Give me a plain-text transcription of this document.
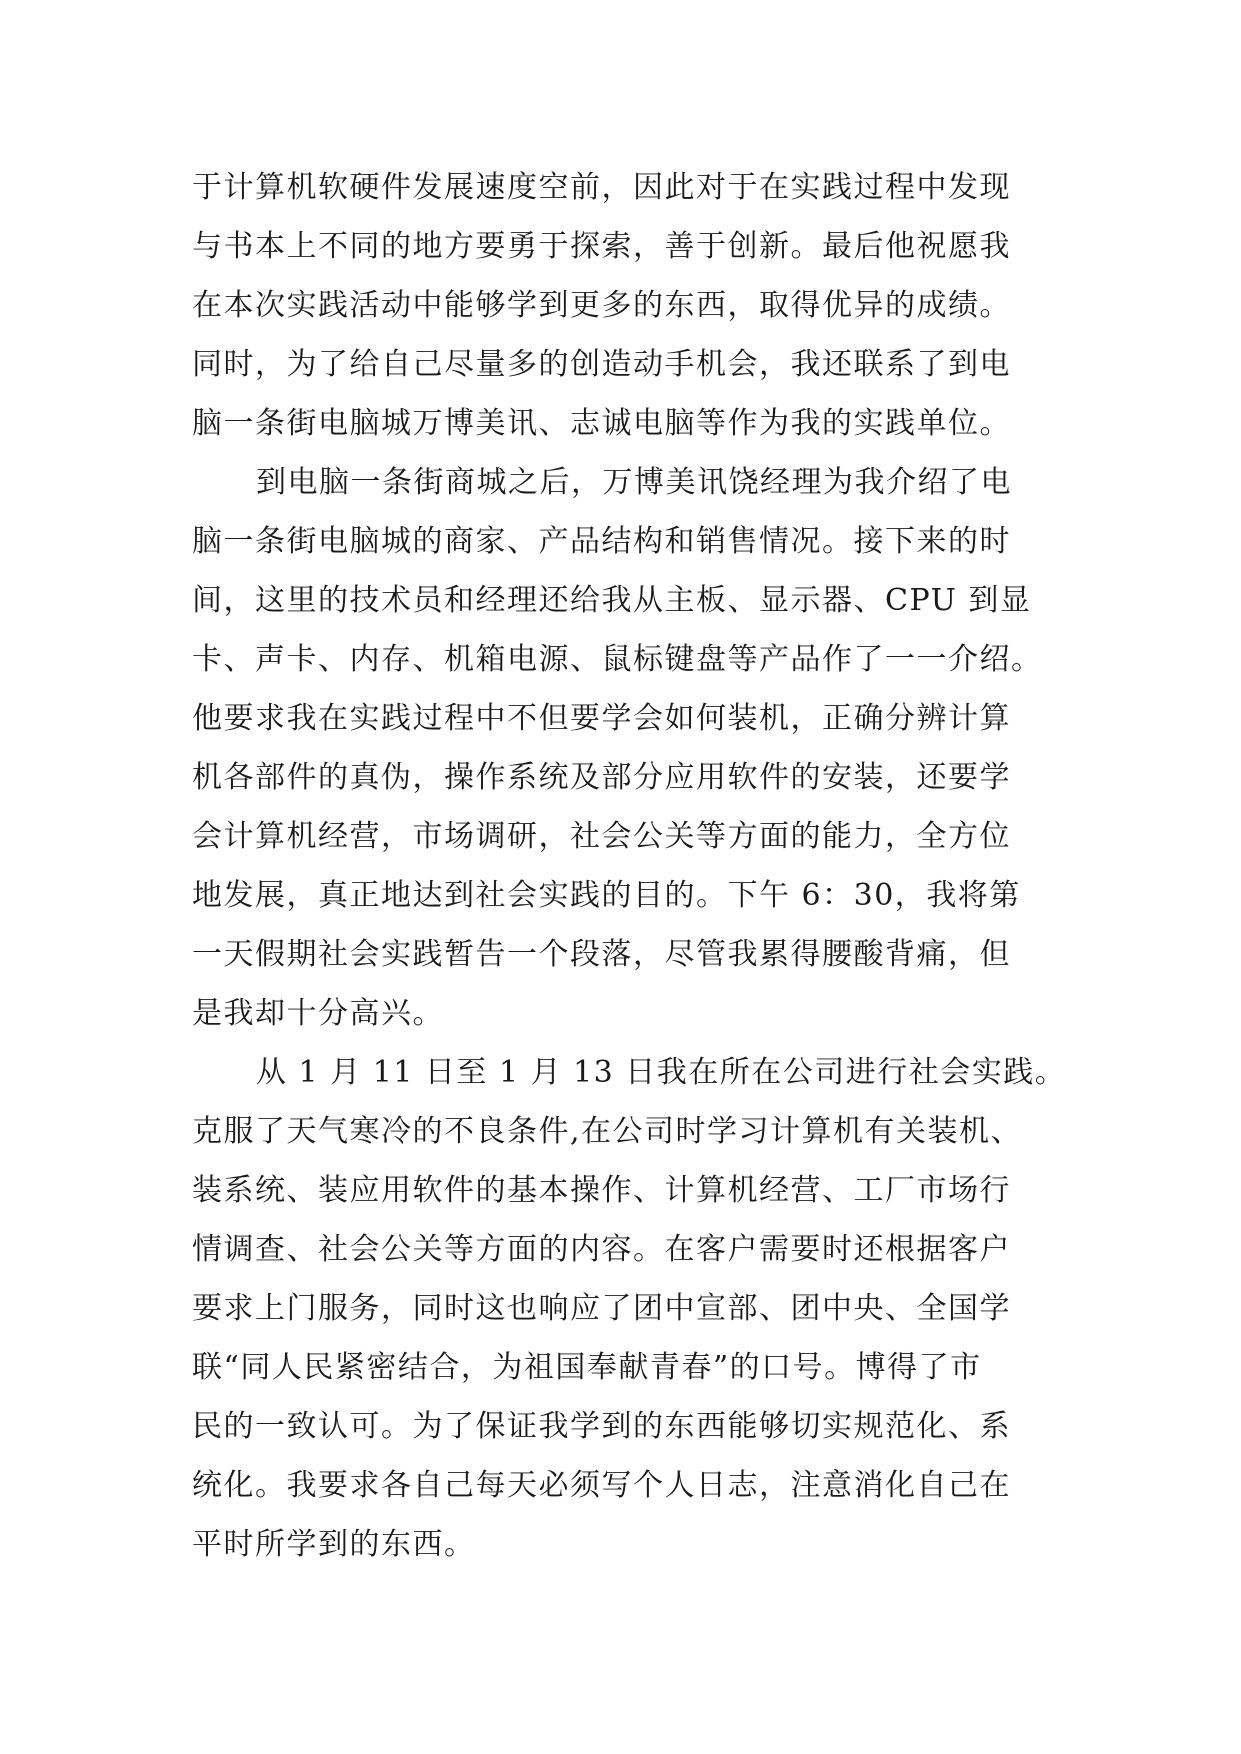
于计算机软硬件发展速度空前，因此对于在实践过程中发现
与书本上不同的地方要勇于探索，善于创新。最后他祝愿我
在本次实践活动中能够学到更多的东西，取得优异的成绩。
同时，为了给自己尽量多的创造动手机会，我还联系了到电
脑一条街电脑城万博美讯、志诚电脑等作为我的实践单位。
到电脑一条街商城之后，万博美讯饶经理为我介绍了电
脑一条街电脑城的商家、产品结构和销售情况。接下来的时
间，这里的技术员和经理还给我从主板、显示器、CPU 到显
卡、声卡、内存、机箱电源、鼠标键盘等产品作了一一介绍。
他要求我在实践过程中不但要学会如何装机，正确分辨计算
机各部件的真伪，操作系统及部分应用软件的安装，还要学
会计算机经营，市场调研，社会公关等方面的能力，全方位
地发展，真正地达到社会实践的目的。下午 6：30，我将第
一天假期社会实践暂告一个段落，尽管我累得腰酸背痛，但
是我却十分高兴。
从 1 月 11 日至 1 月 13 日我在所在公司进行社会实践。
克服了天气寒冷的不良条件,在公司时学习计算机有关装机、
装系统、装应用软件的基本操作、计算机经营、工厂市场行
情调查、社会公关等方面的内容。在客户需要时还根据客户
要求上门服务，同时这也响应了团中宣部、团中央、全国学
联“同人民紧密结合，为祖国奉献青春”的口号。博得了市
民的一致认可。为了保证我学到的东西能够切实规范化、系
统化。我要求各自己每天必须写个人日志，注意消化自己在
平时所学到的东西。
